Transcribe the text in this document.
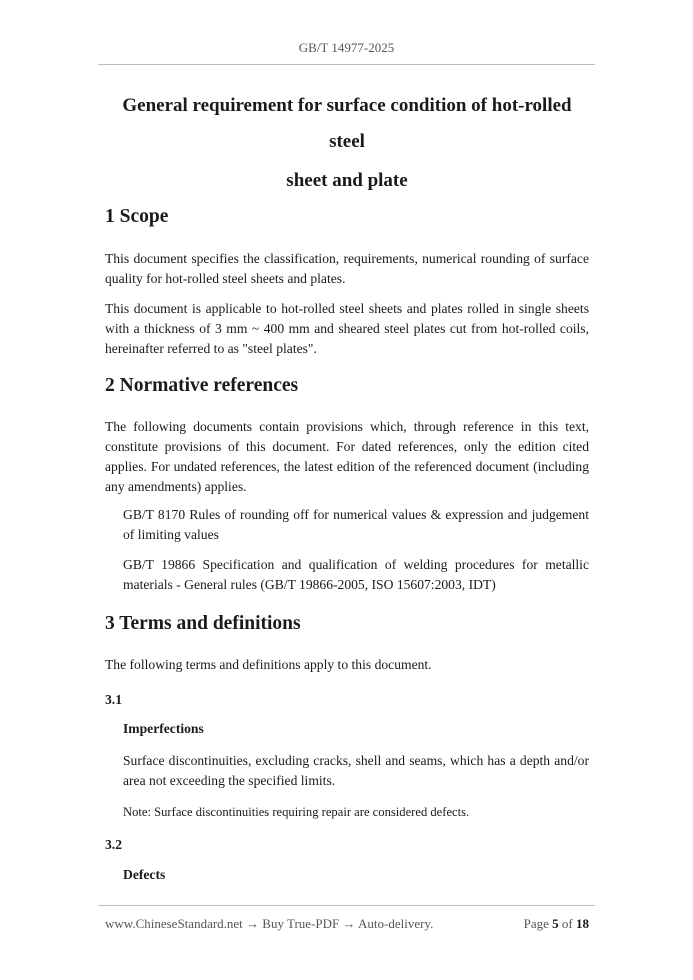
GB/T 14977-2025
General requirement for surface condition of hot-rolled steel
sheet and plate
1 Scope

This document specifies the classification, requirements, numerical rounding of surface quality for hot-rolled steel sheets and plates.

This document is applicable to hot-rolled steel sheets and plates rolled in single sheets with a thickness of 3 mm ~ 400 mm and sheared steel plates cut from hot-rolled coils, hereinafter referred to as "steel plates".

2 Normative references

The following documents contain provisions which, through reference in this text, constitute provisions of this document. For dated references, only the edition cited applies. For undated references, the latest edition of the referenced document (including any amendments) applies.

GB/T 8170 Rules of rounding off for numerical values & expression and judgement of limiting values

GB/T 19866 Specification and qualification of welding procedures for metallic materials - General rules (GB/T 19866-2005, ISO 15607:2003, IDT)

3 Terms and definitions

The following terms and definitions apply to this document.

3.1

Imperfections

Surface discontinuities, excluding cracks, shell and seams, which has a depth and/or area not exceeding the specified limits.

Note: Surface discontinuities requiring repair are considered defects.

3.2

Defects

www.ChineseStandard.net → Buy True-PDF → Auto-delivery.	Page 5 of 18
